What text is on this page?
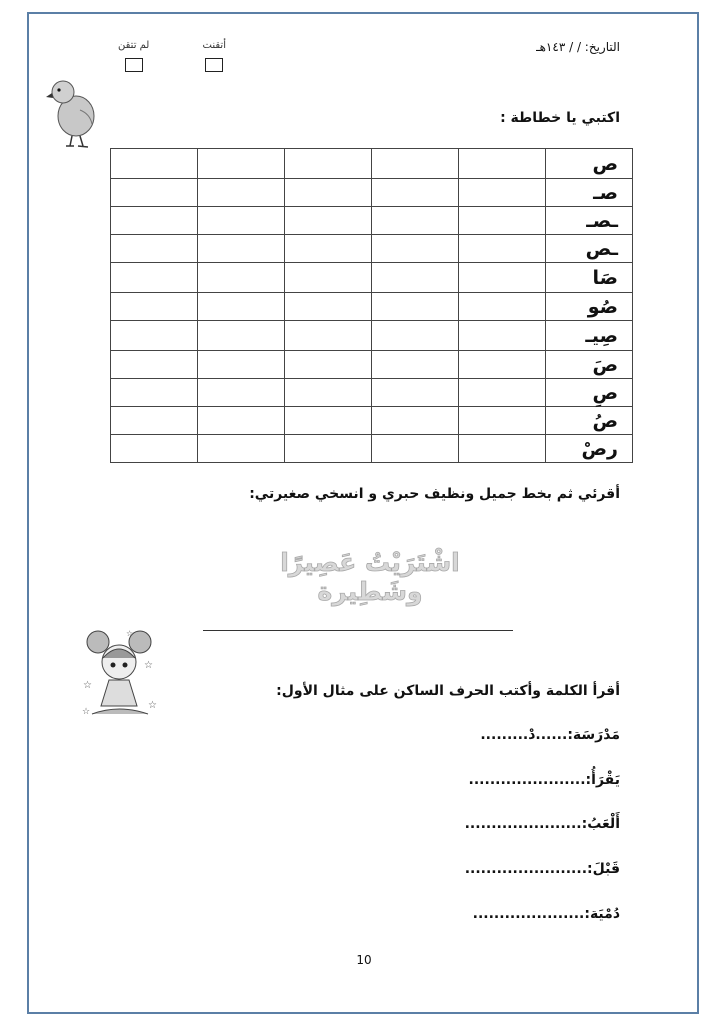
التاريخ: / / ١٤٣هـ
لم تتقن	أتقنت
اكتبي يا خطاطة :
					ص
					صـ
					ـصـ
					ـص
					صَا
					صُو
					صِيـ
					صَ
					صِ
					صُ
					رصْ
أقرئي ثم بخط جميل ونظيف حبري و انسخي صغيرتي:
اشْتَرَيْتُ عَصِيرًا وشَطِيرة
☆
☆
☆
☆
☆
أقرأ الكلمة وأكتب الحرف الساكن على مثال الأول:
مَدْرَسَة:......دْ.........
يَقْرَأُ:......................
أَلْعَبُ:......................
قَبْلَ:.......................
دُمْيَة:.....................
10
